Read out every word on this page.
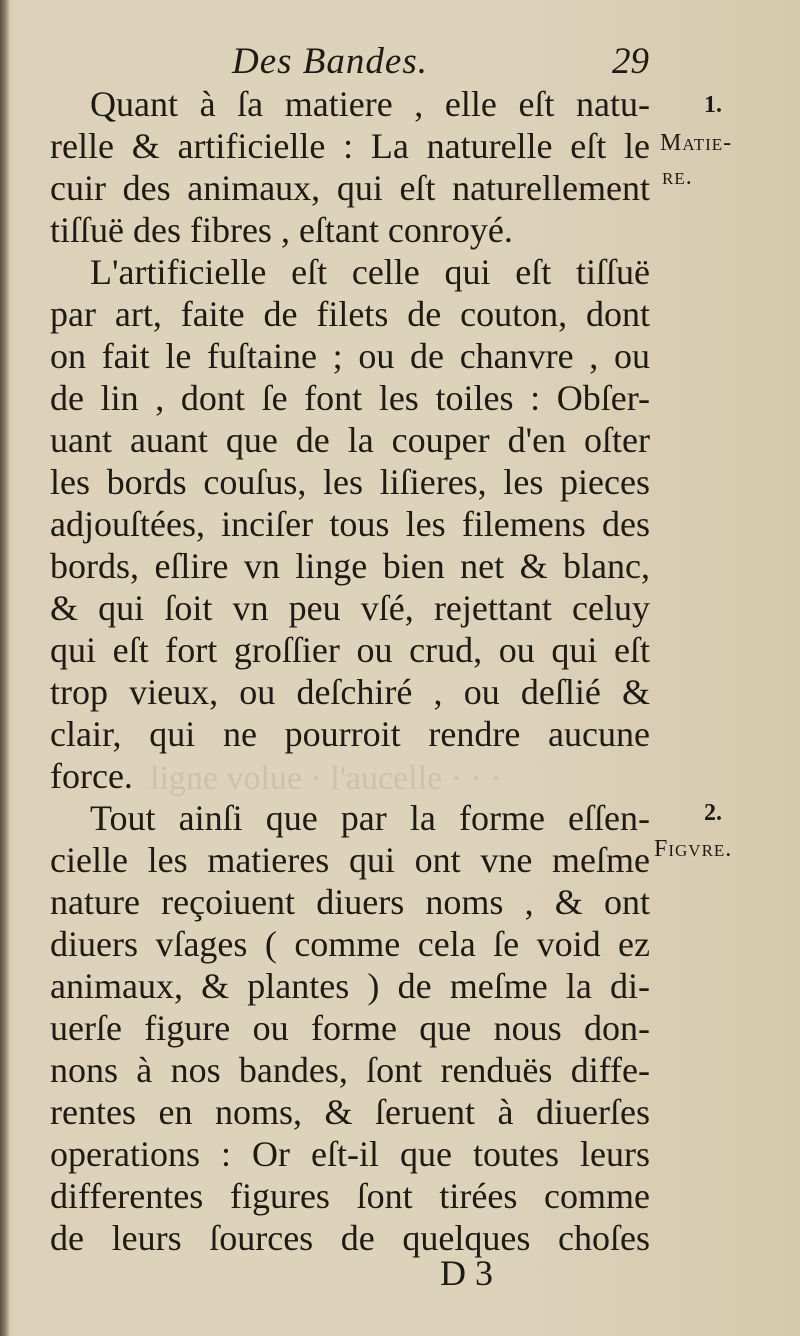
ligne volue · l'aucelle · · ·
Des Bandes.	29
Quant à ſa matiere , elle eſt natu-
relle & artificielle : La naturelle eſt le
cuir des animaux, qui eſt naturellement
tiſſuë des fibres , eſtant conroyé.
L'artificielle eſt celle qui eſt tiſſuë
par art, faite de filets de couton, dont
on fait le fuſtaine ; ou de chanvre , ou
de lin , dont ſe font les toiles : Obſer-
uant auant que de la couper d'en oſter
les bords couſus, les liſieres, les pieces
adjouſtées, inciſer tous les filemens des
bords, eſlire vn linge bien net & blanc,
& qui ſoit vn peu vſé, rejettant celuy
qui eſt fort groſſier ou crud, ou qui eſt
trop vieux, ou deſchiré , ou deſlié &
clair, qui ne pourroit rendre aucune
force.
Tout ainſi que par la forme eſſen-
cielle les matieres qui ont vne meſme
nature reçoiuent diuers noms , & ont
diuers vſages ( comme cela ſe void ez
animaux, & plantes ) de meſme la di-
uerſe figure ou forme que nous don-
nons à nos bandes, ſont renduës diffe-
rentes en noms, & ſeruent à diuerſes
operations : Or eſt-il que toutes leurs
differentes figures ſont tirées comme
de leurs ſources de quelques choſes
1.
Matie-
re.
2.
Figvre.
D 3
